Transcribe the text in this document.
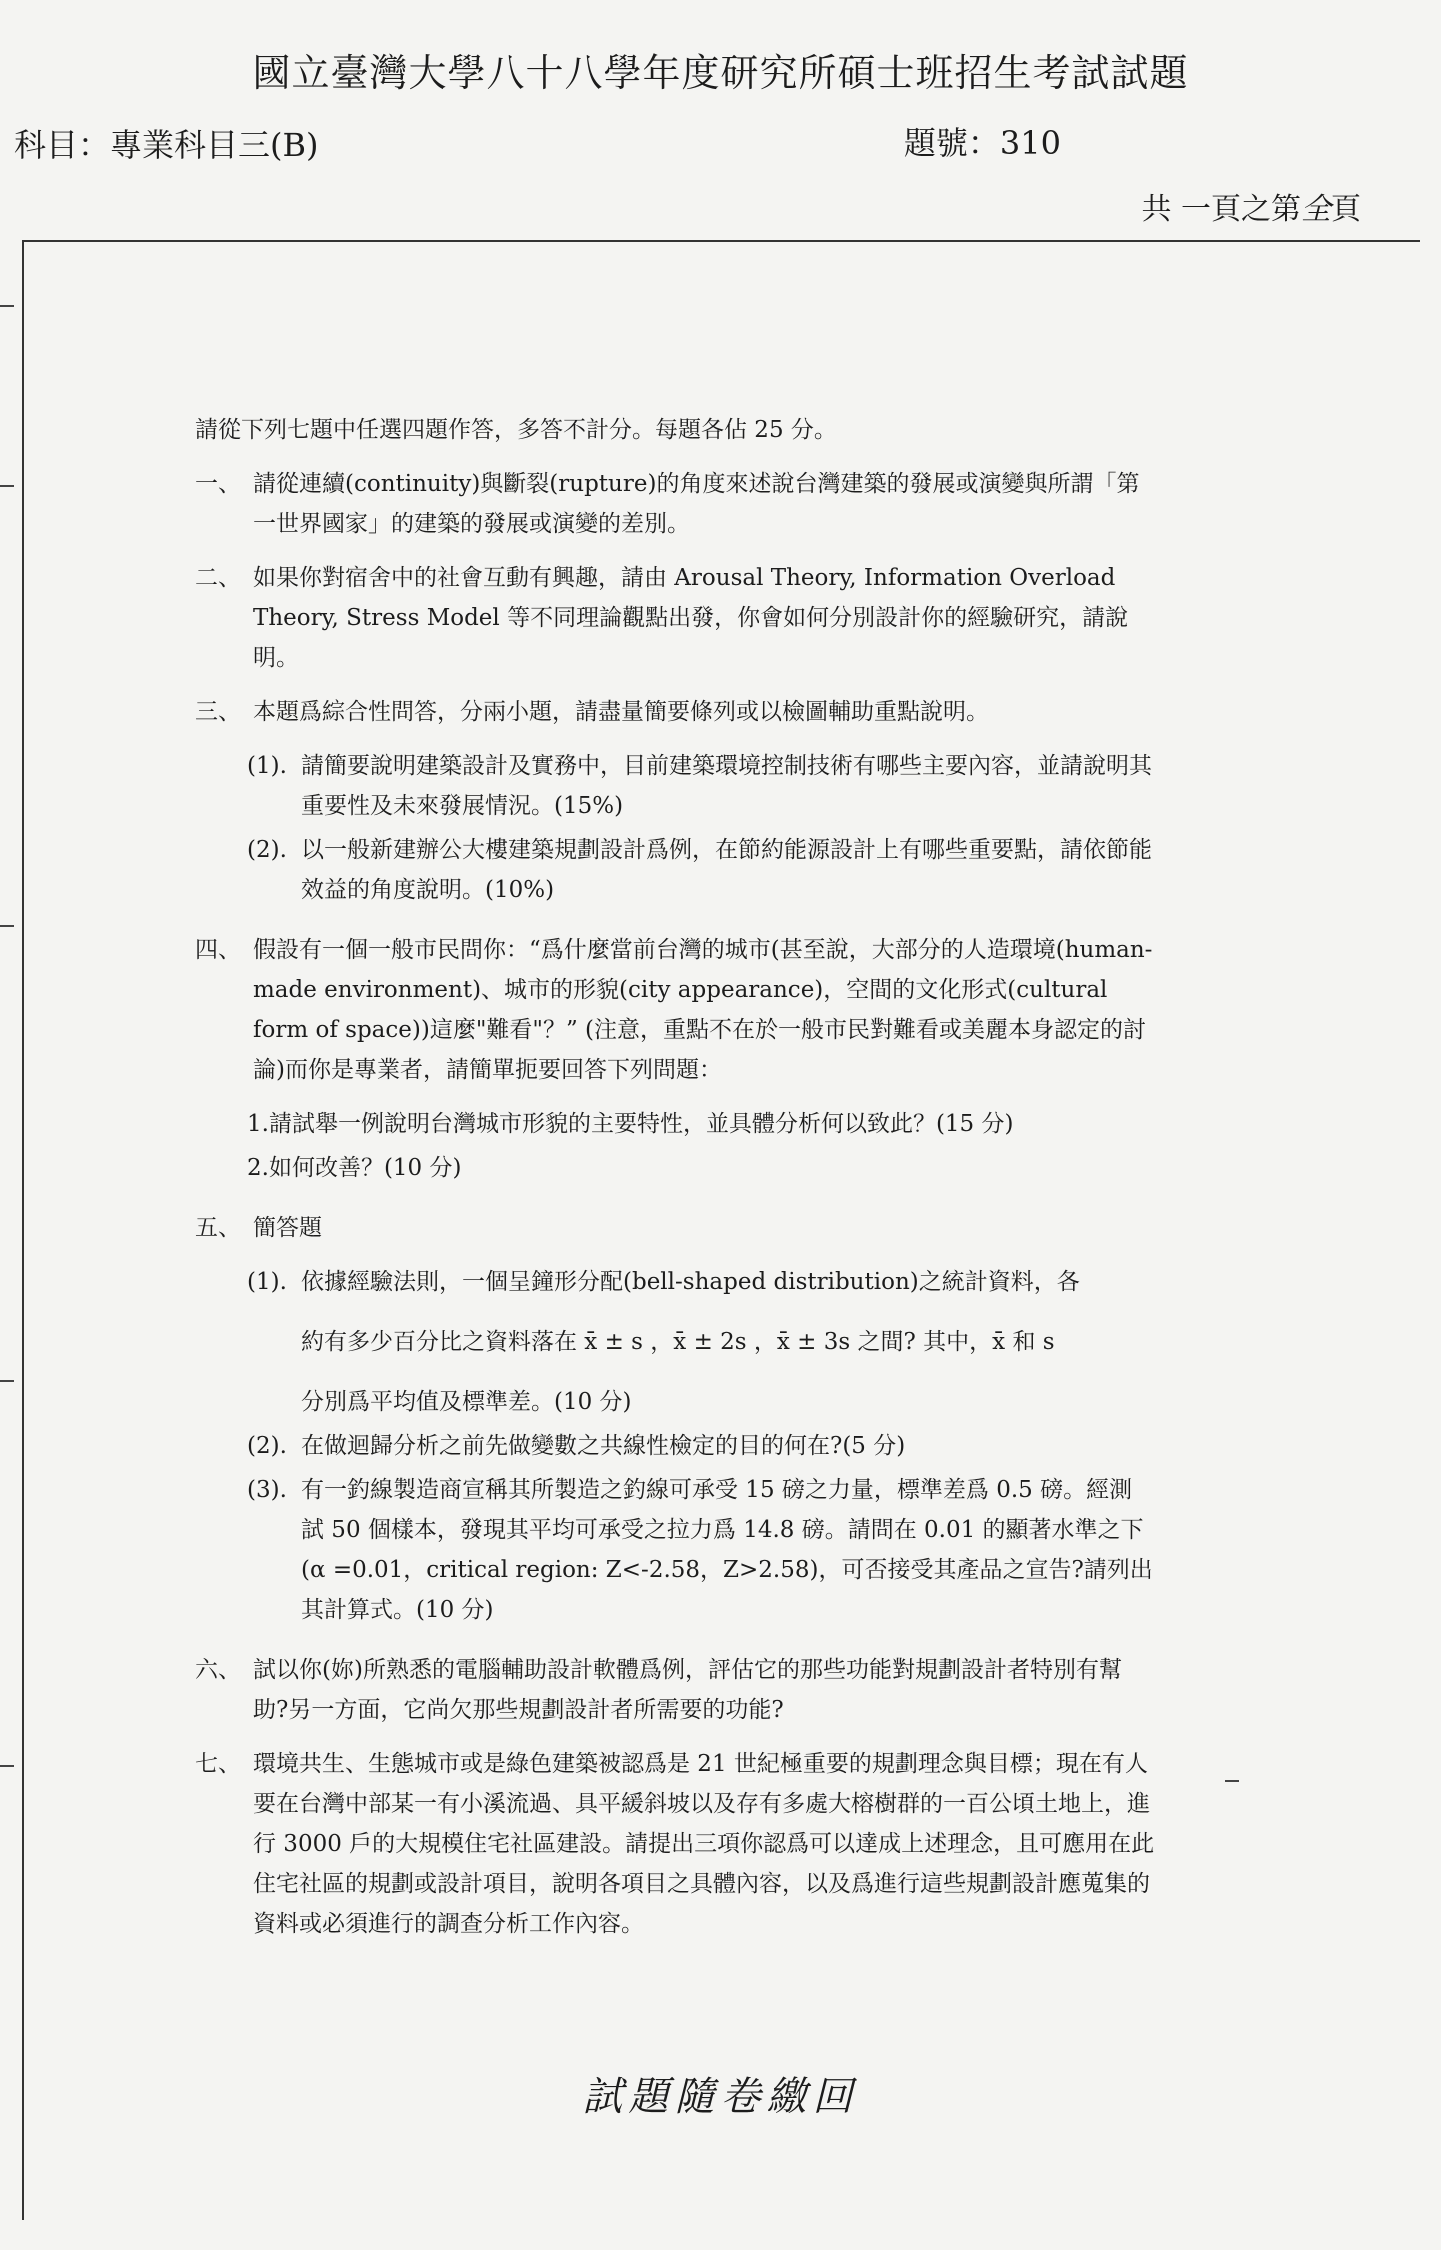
國立臺灣大學八十八學年度研究所碩士班招生考試試題
科目：專業科目三(B)	題號：310
共 一頁之第全頁

請從下列七題中任選四題作答，多答不計分。每題各佔 25 分。

一、 請從連續(continuity)與斷裂(rupture)的角度來述說台灣建築的發展或演變與所謂「第一世界國家」的建築的發展或演變的差別。
二、 如果你對宿舍中的社會互動有興趣，請由 Arousal Theory, Information Overload Theory, Stress Model 等不同理論觀點出發，你會如何分別設計你的經驗研究，請說明。
三、 本題爲綜合性問答，分兩小題，請盡量簡要條列或以檢圖輔助重點說明。
(1). 請簡要說明建築設計及實務中，目前建築環境控制技術有哪些主要內容，並請說明其重要性及未來發展情況。(15%)
(2). 以一般新建辦公大樓建築規劃設計爲例，在節約能源設計上有哪些重要點，請依節能效益的角度說明。(10%)
四、 假設有一個一般市民問你：“爲什麼當前台灣的城市(甚至說，大部分的人造環境(human-made environment)、城市的形貌(city appearance)，空間的文化形式(cultural form of space))這麼"難看"？” (注意，重點不在於一般市民對難看或美麗本身認定的討論)而你是專業者，請簡單扼要回答下列問題：
1.請試舉一例說明台灣城市形貌的主要特性，並具體分析何以致此？(15 分)
2.如何改善？(10 分)
五、 簡答題
(1). 依據經驗法則，一個呈鐘形分配(bell-shaped distribution)之統計資料，各
約有多少百分比之資料落在 x̄ ± s ，x̄ ± 2s ，x̄ ± 3s 之間? 其中，x̄ 和 s
分別爲平均值及標準差。(10 分)
(2). 在做迴歸分析之前先做變數之共線性檢定的目的何在?(5 分)
(3). 有一釣線製造商宣稱其所製造之釣線可承受 15 磅之力量，標準差爲 0.5 磅。經測試 50 個樣本，發現其平均可承受之拉力爲 14.8 磅。請問在 0.01 的顯著水準之下(α =0.01，critical region: Z<-2.58，Z>2.58)，可否接受其產品之宣告?請列出其計算式。(10 分)
六、 試以你(妳)所熟悉的電腦輔助設計軟體爲例，評估它的那些功能對規劃設計者特別有幫助?另一方面，它尚欠那些規劃設計者所需要的功能?
七、 環境共生、生態城市或是綠色建築被認爲是 21 世紀極重要的規劃理念與目標；現在有人要在台灣中部某一有小溪流過、具平緩斜坡以及存有多處大榕樹群的一百公頃土地上，進行 3000 戶的大規模住宅社區建設。請提出三項你認爲可以達成上述理念，且可應用在此住宅社區的規劃或設計項目，說明各項目之具體內容，以及爲進行這些規劃設計應蒐集的資料或必須進行的調查分析工作內容。
試題隨卷繳回
